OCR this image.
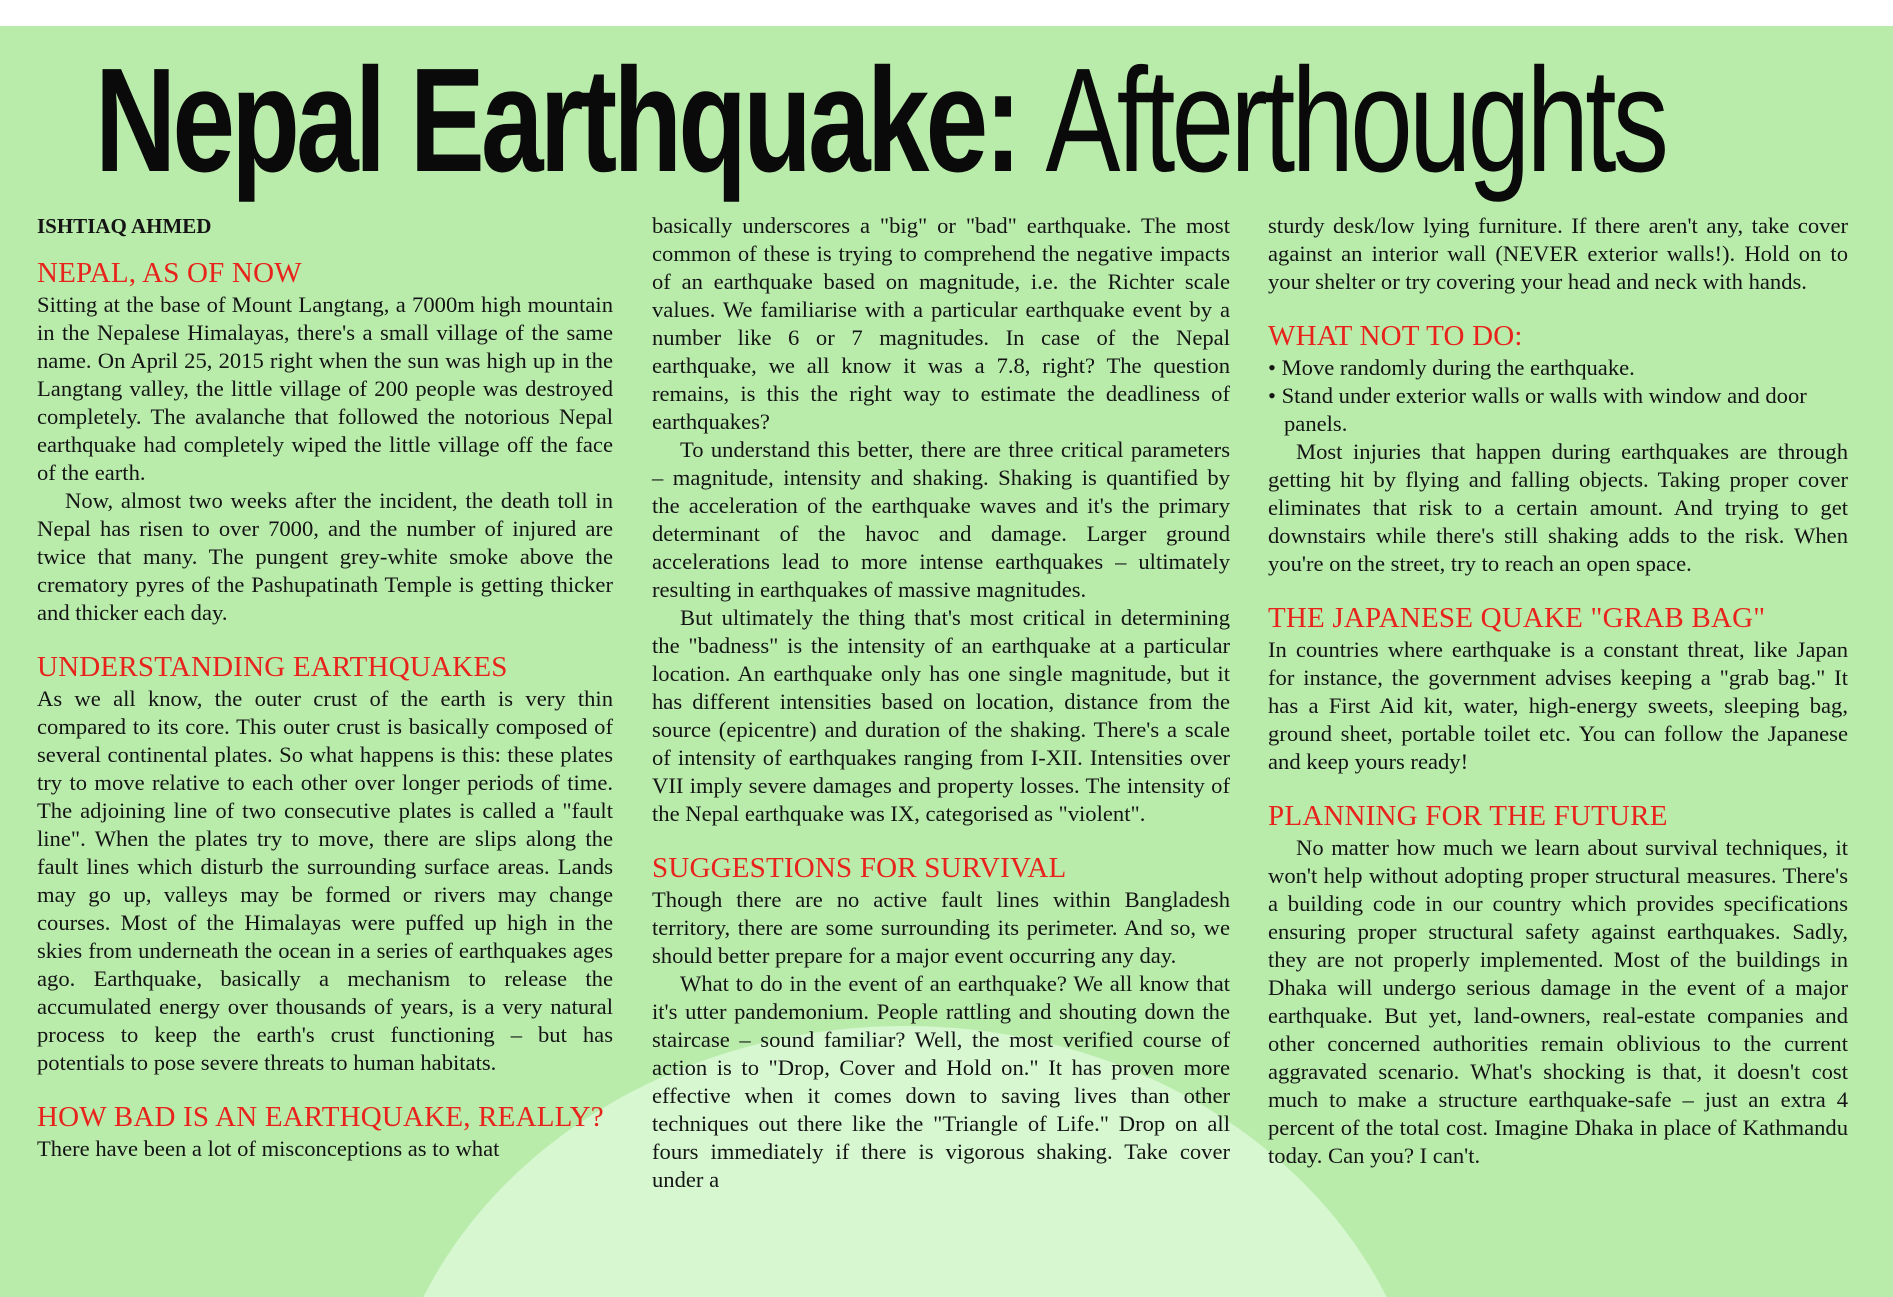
Nepal Earthquake: Afterthoughts
ISHTIAQ AHMED
NEPAL, AS OF NOW

Sitting at the base of Mount Langtang, a 7000m high mountain in the Nepalese Himalayas, there's a small village of the same name. On April 25, 2015 right when the sun was high up in the Langtang valley, the little village of 200 people was destroyed completely. The avalanche that followed the notorious Nepal earthquake had completely wiped the little village off the face of the earth.

Now, almost two weeks after the incident, the death toll in Nepal has risen to over 7000, and the number of injured are twice that many. The pungent grey-white smoke above the crematory pyres of the Pashupatinath Temple is getting thicker and thicker each day.

UNDERSTANDING EARTHQUAKES

As we all know, the outer crust of the earth is very thin compared to its core. This outer crust is basically composed of several continental plates. So what happens is this: these plates try to move relative to each other over longer periods of time. The adjoining line of two consecutive plates is called a "fault line". When the plates try to move, there are slips along the fault lines which disturb the surrounding surface areas. Lands may go up, valleys may be formed or rivers may change courses. Most of the Himalayas were puffed up high in the skies from underneath the ocean in a series of earthquakes ages ago. Earthquake, basically a mechanism to release the accumulated energy over thousands of years, is a very natural process to keep the earth's crust functioning – but has potentials to pose severe threats to human habitats.

HOW BAD IS AN EARTHQUAKE, REALLY?

There have been a lot of misconceptions as to what

basically underscores a "big" or "bad" earthquake. The most common of these is trying to comprehend the negative impacts of an earthquake based on magnitude, i.e. the Richter scale values. We familiarise with a particular earthquake event by a number like 6 or 7 magnitudes. In case of the Nepal earthquake, we all know it was a 7.8, right? The question remains, is this the right way to estimate the deadliness of earthquakes?

To understand this better, there are three critical parameters – magnitude, intensity and shaking. Shaking is quantified by the acceleration of the earthquake waves and it's the primary determinant of the havoc and damage. Larger ground accelerations lead to more intense earthquakes – ultimately resulting in earthquakes of massive magnitudes.

But ultimately the thing that's most critical in determining the "badness" is the intensity of an earthquake at a particular location. An earthquake only has one single magnitude, but it has different intensities based on location, distance from the source (epicentre) and duration of the shaking. There's a scale of intensity of earthquakes ranging from I-XII. Intensities over VII imply severe damages and property losses. The intensity of the Nepal earthquake was IX, categorised as "violent".

SUGGESTIONS FOR SURVIVAL

Though there are no active fault lines within Bangladesh territory, there are some surrounding its perimeter. And so, we should better prepare for a major event occurring any day.

What to do in the event of an earthquake? We all know that it's utter pandemonium. People rattling and shouting down the staircase – sound familiar? Well, the most verified course of action is to "Drop, Cover and Hold on." It has proven more effective when it comes down to saving lives than other techniques out there like the "Triangle of Life." Drop on all fours immediately if there is vigorous shaking. Take cover under a

sturdy desk/low lying furniture. If there aren't any, take cover against an interior wall (NEVER exterior walls!). Hold on to your shelter or try covering your head and neck with hands.

WHAT NOT TO DO:
• Move randomly during the earthquake.
• Stand under exterior walls or walls with window and door panels.

Most injuries that happen during earthquakes are through getting hit by flying and falling objects. Taking proper cover eliminates that risk to a certain amount. And trying to get downstairs while there's still shaking adds to the risk. When you're on the street, try to reach an open space.

THE JAPANESE QUAKE "GRAB BAG"

In countries where earthquake is a constant threat, like Japan for instance, the government advises keeping a "grab bag." It has a First Aid kit, water, high-energy sweets, sleeping bag, ground sheet, portable toilet etc. You can follow the Japanese and keep yours ready!

PLANNING FOR THE FUTURE

No matter how much we learn about survival techniques, it won't help without adopting proper structural measures. There's a building code in our country which provides specifications ensuring proper structural safety against earthquakes. Sadly, they are not properly implemented. Most of the buildings in Dhaka will undergo serious damage in the event of a major earthquake. But yet, land-owners, real-estate companies and other concerned authorities remain oblivious to the current aggravated scenario. What's shocking is that, it doesn't cost much to make a structure earthquake-safe – just an extra 4 percent of the total cost. Imagine Dhaka in place of Kathmandu today. Can you? I can't.
